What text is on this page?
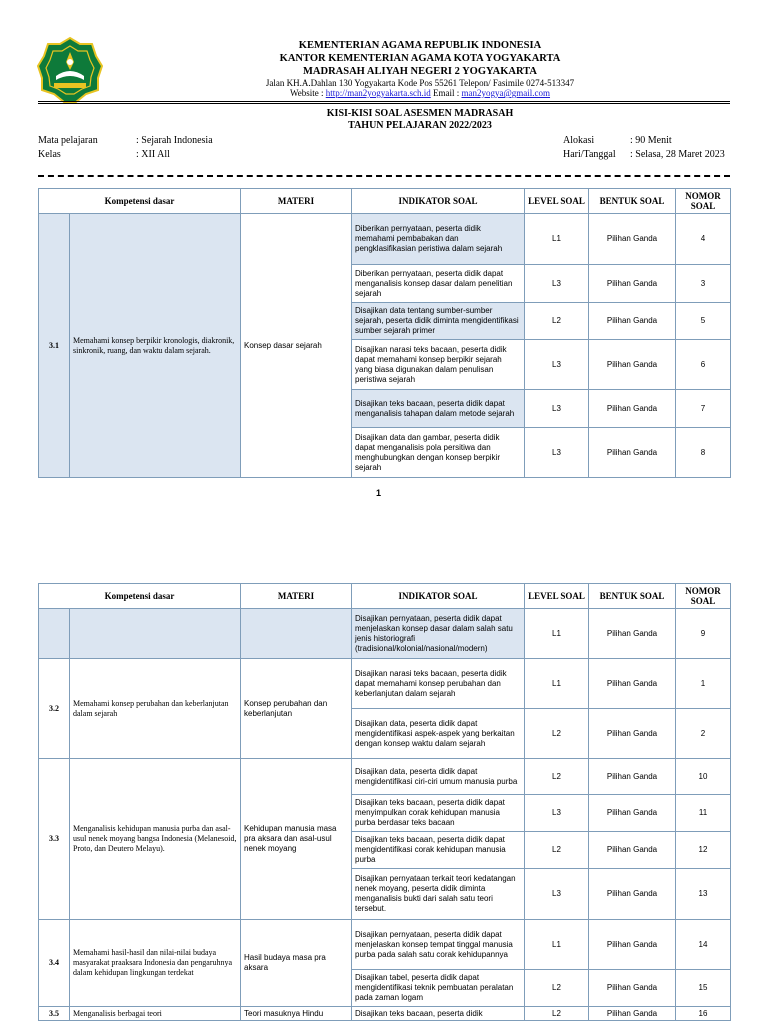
KEMENTERIAN AGAMA REPUBLIK INDONESIA
KANTOR KEMENTERIAN AGAMA KOTA YOGYAKARTA
MADRASAH ALIYAH NEGERI 2 YOGYAKARTA
Jalan KH.A.Dahlan 130 Yogyakarta Kode Pos 55261 Telepon/ Fasimile 0274-513347
Website : http://man2yogyakarta.sch.id Email : man2yogya@gmail.com
KISI-KISI SOAL ASESMEN MADRASAH
TAHUN PELAJARAN 2022/2023
Mata pelajaran	: Sejarah Indonesia
Kelas	: XII All
Alokasi	: 90 Menit
Hari/Tanggal : Selasa, 28 Maret 2023
Kompetensi dasar		MATERI	INDIKATOR SOAL	LEVEL SOAL	BENTUK SOAL	NOMOR SOAL
3.1	Memahami konsep berpikir kronologis, diakronik, sinkronik, ruang, dan waktu dalam sejarah.	Konsep dasar sejarah	Diberikan pernyataan, peserta didik memahami pembabakan dan pengklasifikasian peristiwa dalam sejarah	L1	Pilihan Ganda	4
			Diberikan pernyataan, peserta didik dapat menganalisis konsep dasar dalam penelitian sejarah	L3	Pilihan Ganda	3
			Disajikan data tentang sumber-sumber sejarah, peserta didik diminta mengidentifikasi sumber sejarah primer	L2	Pilihan Ganda	5
			Disajikan narasi teks bacaan, peserta didik dapat memahami konsep berpikir sejarah yang biasa digunakan dalam penulisan peristiwa sejarah	L3	Pilihan Ganda	6
			Disajikan teks bacaan, peserta didik dapat menganalisis tahapan dalam metode sejarah	L3	Pilihan Ganda	7
			Disajikan data dan gambar, peserta didik dapat menganalisis pola persitiwa dan menghubungkan dengan konsep berpikir sejarah	L3	Pilihan Ganda	8
1
Kompetensi dasar		MATERI	INDIKATOR SOAL	LEVEL SOAL	BENTUK SOAL	NOMOR SOAL
			Disajikan pernyataan, peserta didik dapat menjelaskan konsep dasar dalam salah satu jenis historiografi (tradisional/kolonial/nasional/modern)	L1	Pilihan Ganda	9
3.2	Memahami konsep perubahan dan keberlanjutan dalam sejarah	Konsep perubahan dan keberlanjutan	Disajikan narasi teks bacaan, peserta didik dapat memahami konsep perubahan dan keberlanjutan dalam sejarah	L1	Pilihan Ganda	1
			Disajikan data, peserta didik dapat mengidentifikasi aspek-aspek yang berkaitan dengan konsep waktu dalam sejarah	L2	Pilihan Ganda	2
3.3	Menganalisis kehidupan manusia purba dan asal-usul nenek moyang bangsa Indonesia (Melanesoid, Proto, dan Deutero Melayu).	Kehidupan manusia masa pra aksara dan asal-usul nenek moyang	Disajikan data, peserta didik dapat mengidentifikasi ciri-ciri umum manusia purba	L2	Pilihan Ganda	10
			Disajikan teks bacaan, peserta didik dapat menyimpulkan corak kehidupan manusia purba berdasar teks bacaan	L3	Pilihan Ganda	11
			Disajikan teks bacaan, peserta didik dapat mengidentifikasi corak kehidupan manusia purba	L2	Pilihan Ganda	12
			Disajikan pernyataan terkait teori kedatangan nenek moyang, peserta didik diminta menganalisis bukti dari salah satu teori tersebut.	L3	Pilihan Ganda	13
3.4	Memahami hasil-hasil dan nilai-nilai budaya masyarakat praaksara Indonesia dan pengaruhnya dalam kehidupan lingkungan terdekat	Hasil budaya masa pra aksara	Disajikan pernyataan, peserta didik dapat menjelaskan konsep tempat tinggal manusia purba pada salah satu corak kehidupannya	L1	Pilihan Ganda	14
			Disajikan tabel, peserta didik dapat mengidentifikasi teknik pembuatan peralatan pada zaman logam	L2	Pilihan Ganda	15
3.5	Menganalisis berbagai teori	Teori masuknya Hindu	Disajikan teks bacaan, peserta didik	L2	Pilihan Ganda	16
